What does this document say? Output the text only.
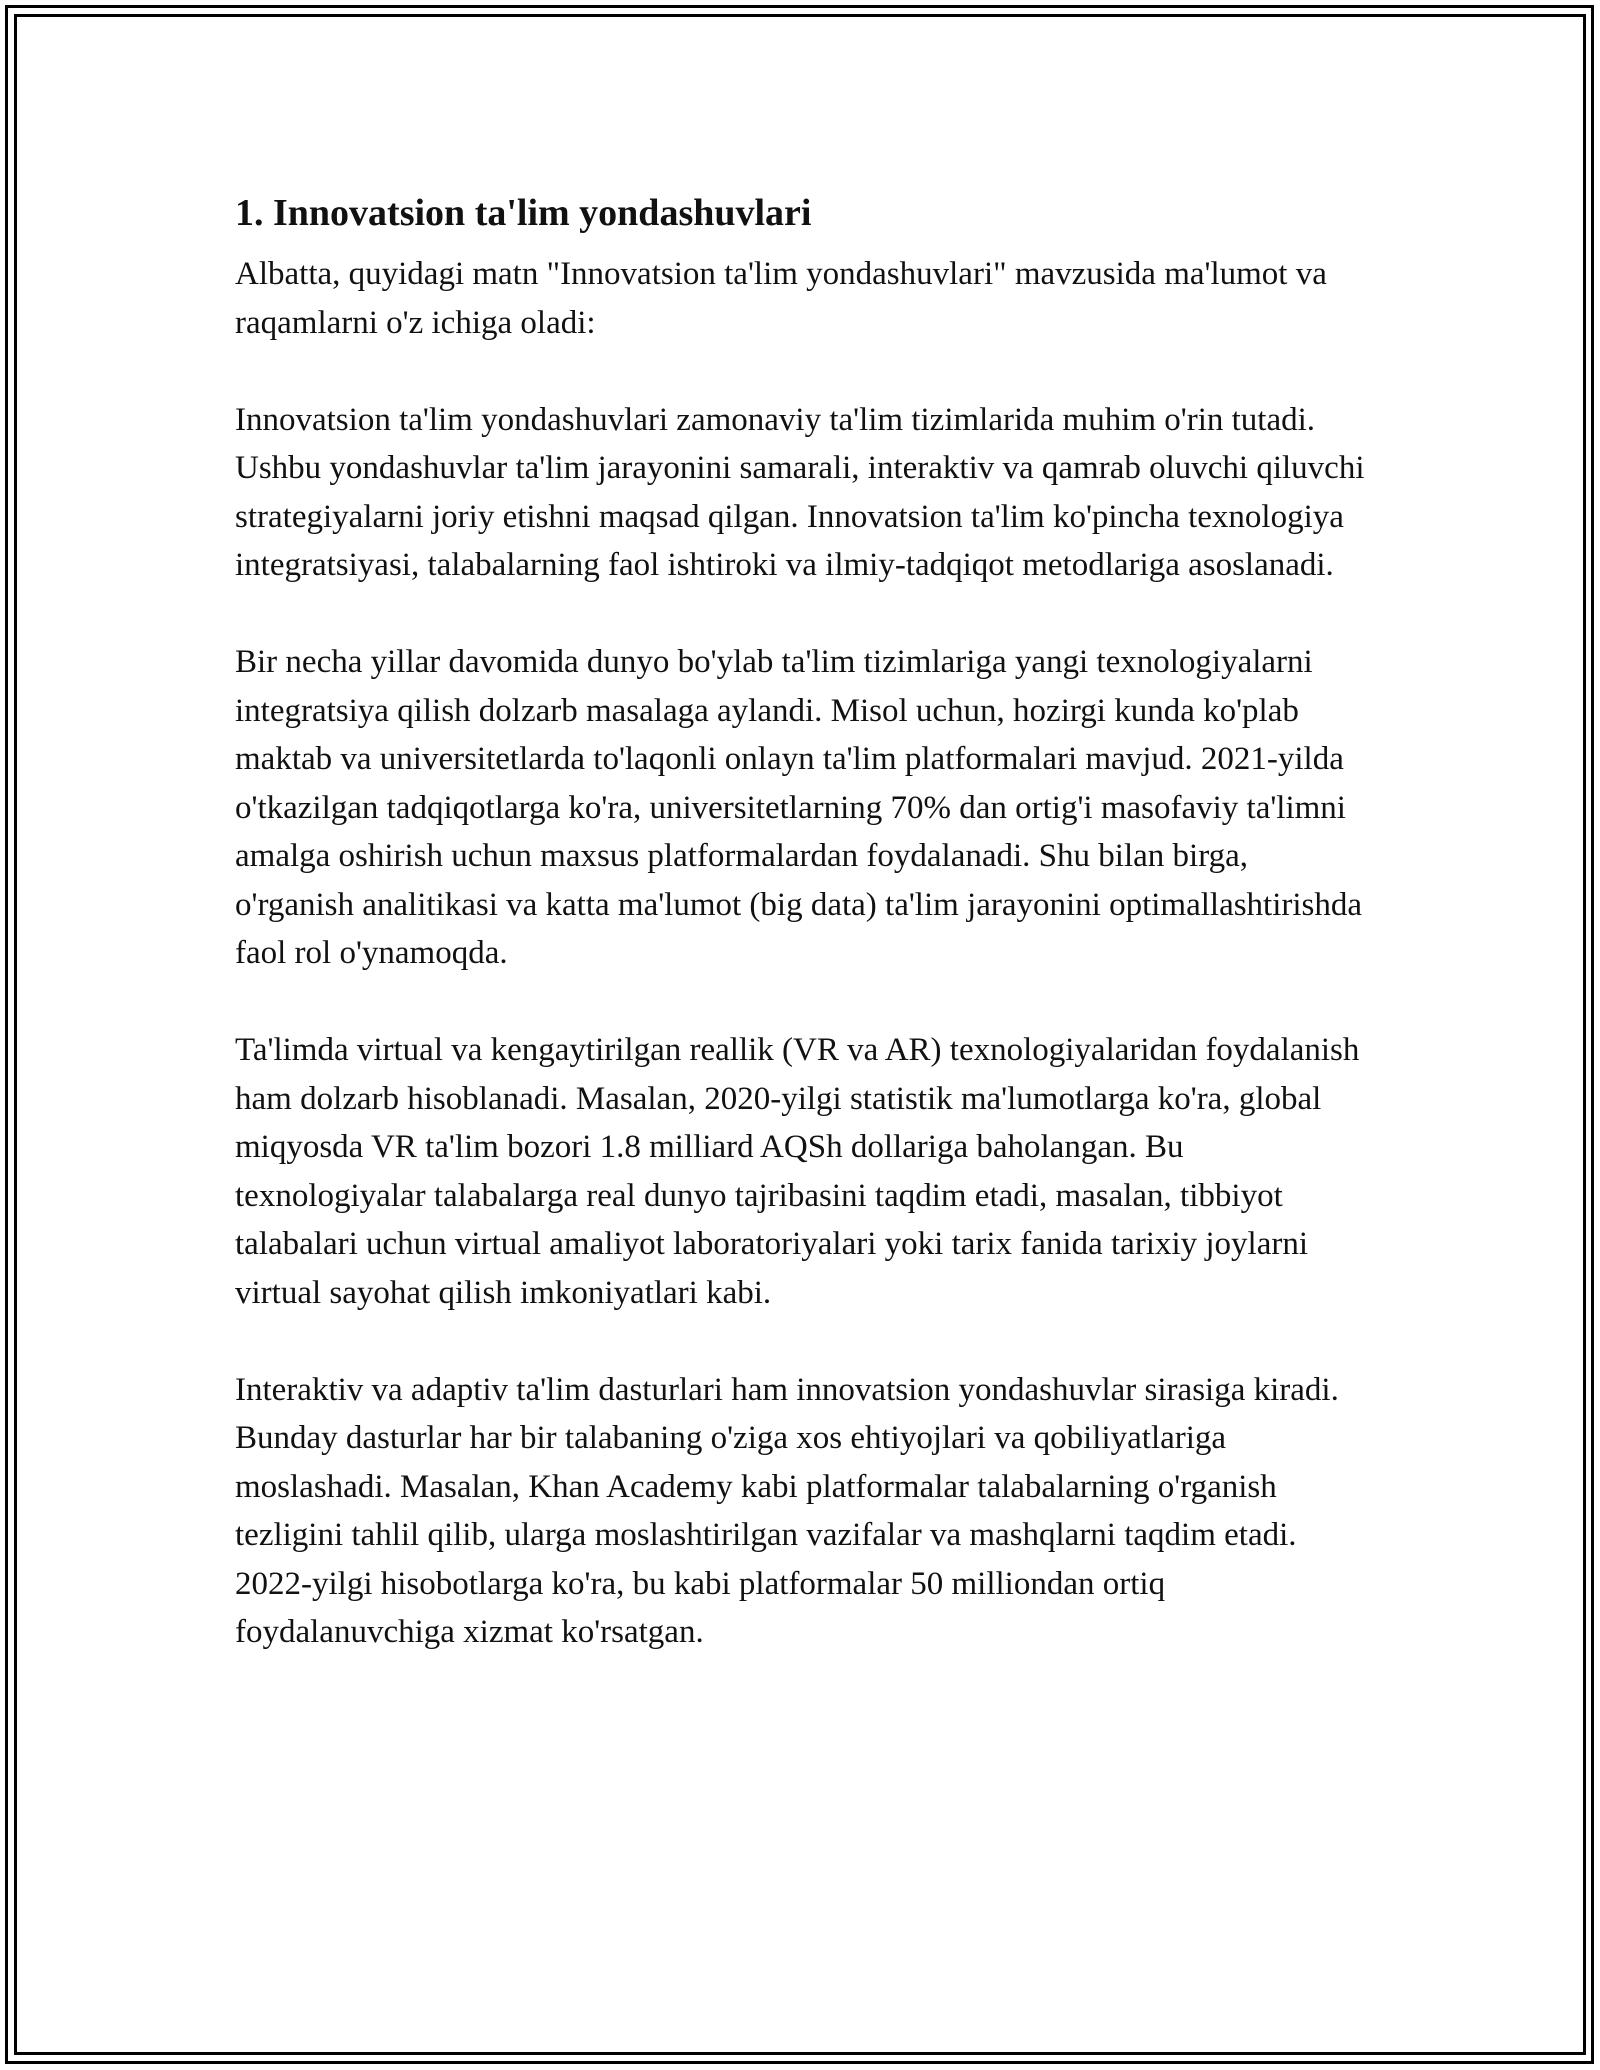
1. Innovatsion ta'lim yondashuvlari

Albatta, quyidagi matn "Innovatsion ta'lim yondashuvlari" mavzusida ma'lumot va raqamlarni o'z ichiga oladi:

Innovatsion ta'lim yondashuvlari zamonaviy ta'lim tizimlarida muhim o'rin tutadi. Ushbu yondashuvlar ta'lim jarayonini samarali, interaktiv va qamrab oluvchi qiluvchi strategiyalarni joriy etishni maqsad qilgan. Innovatsion ta'lim ko'pincha texnologiya integratsiyasi, talabalarning faol ishtiroki va ilmiy-tadqiqot metodlariga asoslanadi.

Bir necha yillar davomida dunyo bo'ylab ta'lim tizimlariga yangi texnologiyalarni integratsiya qilish dolzarb masalaga aylandi. Misol uchun, hozirgi kunda ko'plab maktab va universitetlarda to'laqonli onlayn ta'lim platformalari mavjud. 2021-yilda o'tkazilgan tadqiqotlarga ko'ra, universitetlarning 70% dan ortig'i masofaviy ta'limni amalga oshirish uchun maxsus platformalardan foydalanadi. Shu bilan birga, o'rganish analitikasi va katta ma'lumot (big data) ta'lim jarayonini optimallashtirishda faol rol o'ynamoqda.

Ta'limda virtual va kengaytirilgan reallik (VR va AR) texnologiyalaridan foydalanish ham dolzarb hisoblanadi. Masalan, 2020-yilgi statistik ma'lumotlarga ko'ra, global miqyosda VR ta'lim bozori 1.8 milliard AQSh dollariga baholangan. Bu texnologiyalar talabalarga real dunyo tajribasini taqdim etadi, masalan, tibbiyot talabalari uchun virtual amaliyot laboratoriyalari yoki tarix fanida tarixiy joylarni virtual sayohat qilish imkoniyatlari kabi.

Interaktiv va adaptiv ta'lim dasturlari ham innovatsion yondashuvlar sirasiga kiradi. Bunday dasturlar har bir talabaning o'ziga xos ehtiyojlari va qobiliyatlariga moslashadi. Masalan, Khan Academy kabi platformalar talabalarning o'rganish tezligini tahlil qilib, ularga moslashtirilgan vazifalar va mashqlarni taqdim etadi. 2022-yilgi hisobotlarga ko'ra, bu kabi platformalar 50 milliondan ortiq foydalanuvchiga xizmat ko'rsatgan.
